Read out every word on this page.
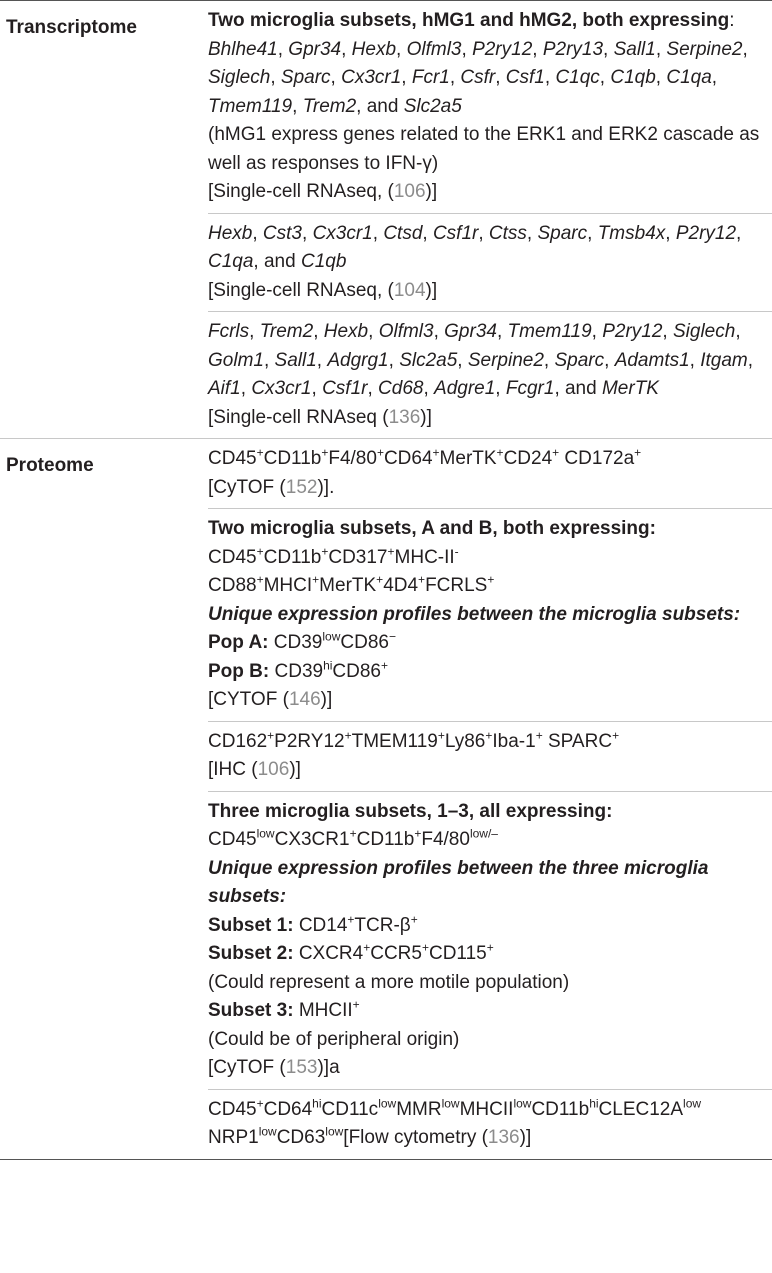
Transcriptome	Two microglia subsets, hMG1 and hMG2, both expressing: Bhlhe41, Gpr34, Hexb, Olfml3, P2ry12, P2ry13, Sall1, Serpine2, Siglech, Sparc, Cx3cr1, Fcr1, Csfr, Csf1, C1qc, C1qb, C1qa, Tmem119, Trem2, and Slc2a5

(hMG1 express genes related to the ERK1 and ERK2 cascade as well as responses to IFN-γ)

[Single-cell RNAseq, (106)]

Hexb, Cst3, Cx3cr1, Ctsd, Csf1r, Ctss, Sparc, Tmsb4x, P2ry12, C1qa, and C1qb

[Single-cell RNAseq, (104)]

Fcrls, Trem2, Hexb, Olfml3, Gpr34, Tmem119, P2ry12, Siglech, Golm1, Sall1, Adgrg1, Slc2a5, Serpine2, Sparc, Adamts1, Itgam, Aif1, Cx3cr1, Csf1r, Cd68, Adgre1, Fcgr1, and MerTK

[Single-cell RNAseq (136)]

Proteome	CD45+CD11b+F4/80+CD64+MerTK+CD24+ CD172a+

[CyTOF (152)].

Two microglia subsets, A and B, both expressing:

CD45+CD11b+CD317+MHC-II-

CD88+MHCI+MerTK+4D4+FCRLS+

Unique expression profiles between the microglia subsets:

Pop A: $CD39^{low}CD86^-$

Pop B: $CD39^{hi}CD86^+$

[CYTOF (146)]

CD162+P2RY12+TMEM119+Ly86+Iba-1+ SPARC+

[IHC (106)]

Three microglia subsets, 1–3, all expressing:

$CD45^{low}CX3CR1^+CD11b^+F4/80^{low/-}$

Unique expression profiles between the three microglia subsets:

Subset 1: CD14+TCR-β+

Subset 2: CXCR4+CCR5+CD115+

(Could represent a more motile population)

Subset 3: MHCII+

(Could be of peripheral origin)

[CyTOF (153)]a

$CD45^+CD64^{hi}CD11c^{low}MMR^{low}MHCII^{low}CD11b^{hi}CLEC12A^{low}$ $NRP1^{low}CD63^{low}[Flow$ cytometry (136)]
